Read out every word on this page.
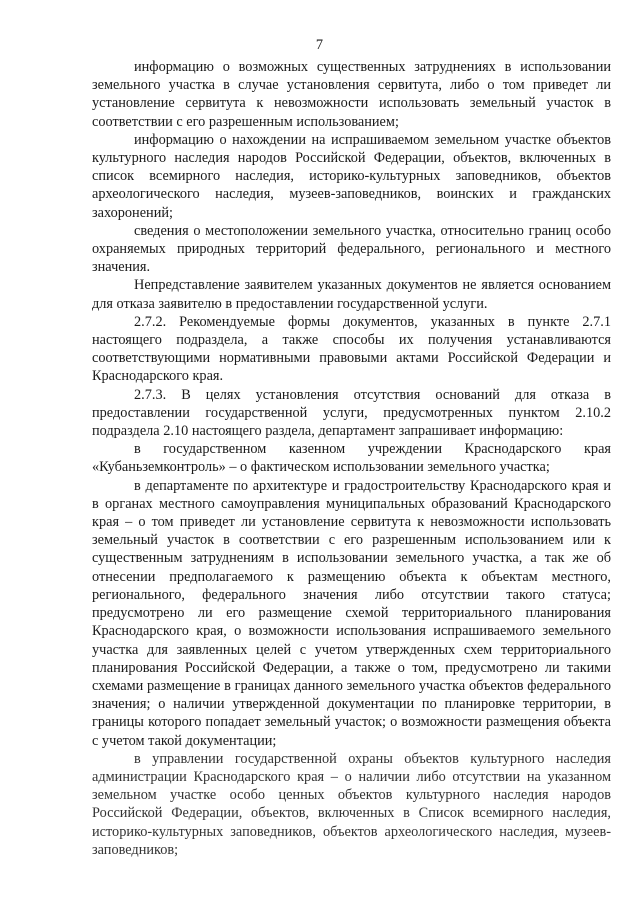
7

информацию о возможных существенных затруднениях в использовании земельного участка в случае установления сервитута, либо о том приведет ли установление сервитута к невозможности использовать земельный участок в соответствии с его разрешенным использованием;

информацию о нахождении на испрашиваемом земельном участке объектов культурного наследия народов Российской Федерации, объектов, включенных в список всемирного наследия, историко-культурных заповедников, объектов археологического наследия, музеев-заповедников, воинских и гражданских захоронений;

сведения о местоположении земельного участка, относительно границ особо охраняемых природных территорий федерального, регионального и местного значения.

Непредставление заявителем указанных документов не является основанием для отказа заявителю в предоставлении государственной услуги.

2.7.2. Рекомендуемые формы документов, указанных в пункте 2.7.1 настоящего подраздела, а также способы их получения устанавливаются соответствующими нормативными правовыми актами Российской Федерации и Краснодарского края.

2.7.3. В целях установления отсутствия оснований для отказа в предоставлении государственной услуги, предусмотренных пунктом 2.10.2 подраздела 2.10 настоящего раздела, департамент запрашивает информацию:

в государственном казенном учреждении Краснодарского края «Кубаньземконтроль» – о фактическом использовании земельного участка;

в департаменте по архитектуре и градостроительству Краснодарского края и в органах местного самоуправления муниципальных образований Краснодарского края – о том приведет ли установление сервитута к невозможности использовать земельный участок в соответствии с его разрешенным использованием или к существенным затруднениям в использовании земельного участка, а так же об отнесении предполагаемого к размещению объекта к объектам местного, регионального, федерального значения либо отсутствии такого статуса; предусмотрено ли его размещение схемой территориального планирования Краснодарского края, о возможности использования испрашиваемого земельного участка для заявленных целей с учетом утвержденных схем территориального планирования Российской Федерации, а также о том, предусмотрено ли такими схемами размещение в границах данного земельного участка объектов федерального значения; о наличии утвержденной документации по планировке территории, в границы которого попадает земельный участок; о возможности размещения объекта с учетом такой документации;

в управлении государственной охраны объектов культурного наследия администрации Краснодарского края – о наличии либо отсутствии на указанном земельном участке особо ценных объектов культурного наследия народов Российской Федерации, объектов, включенных в Список всемирного наследия, историко-культурных заповедников, объектов археологического наследия, музеев-заповедников;
